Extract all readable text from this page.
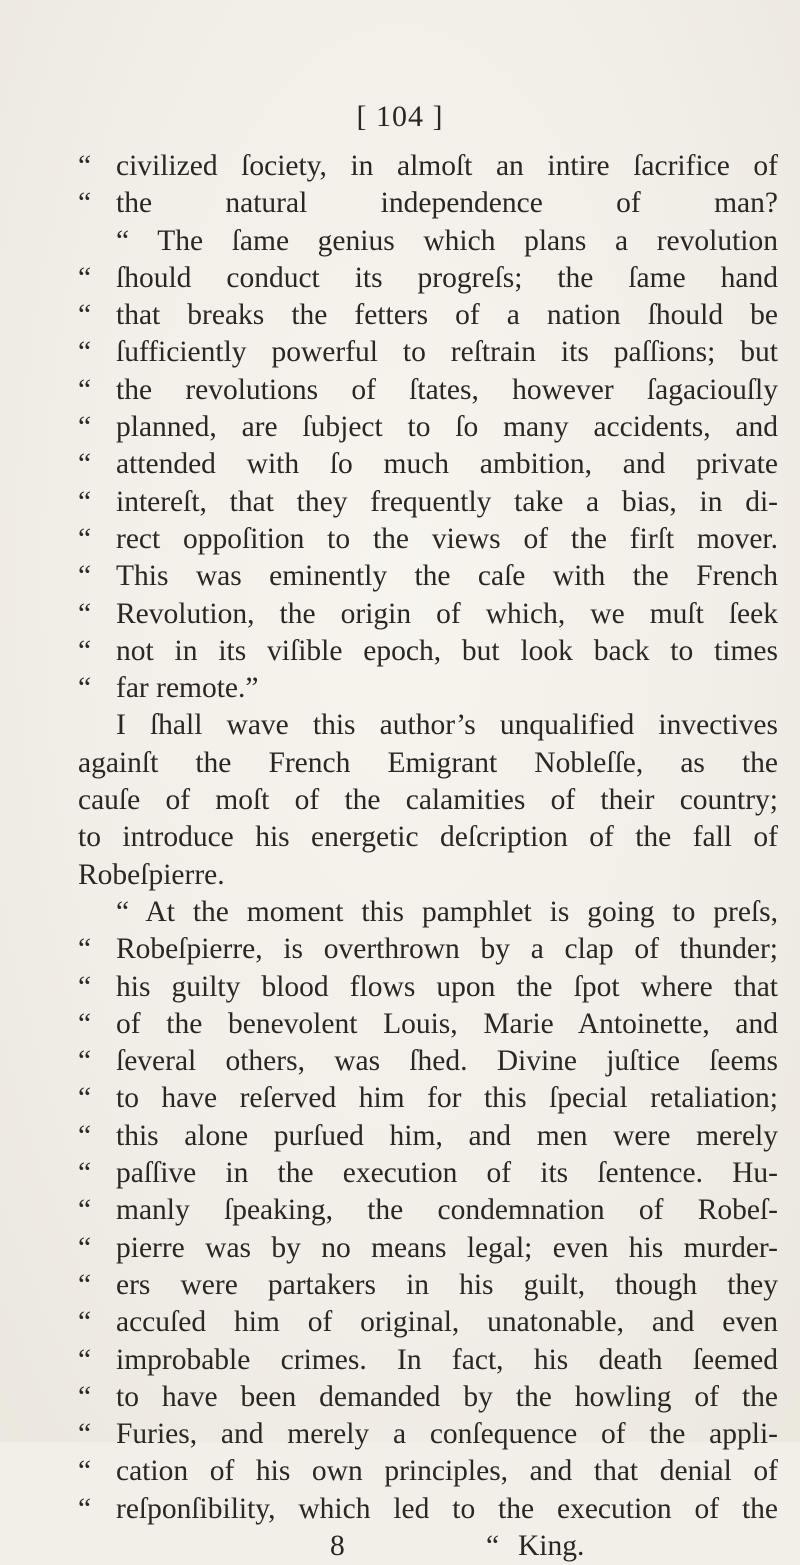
[ 104 ]
“ civilized ſociety, in almoſt an intire ſacrifice of
“ the natural independence of man?
“ The ſame genius which plans a revolution
“ ſhould conduct its progreſs; the ſame hand
“ that breaks the fetters of a nation ſhould be
“ ſufficiently powerful to reſtrain its paſſions; but
“ the revolutions of ſtates, however ſagaciouſly
“ planned, are ſubject to ſo many accidents, and
“ attended with ſo much ambition, and private
“ intereſt, that they frequently take a bias, in di-
“ rect oppoſition to the views of the firſt mover.
“ This was eminently the caſe with the French
“ Revolution, the origin of which, we muſt ſeek
“ not in its viſible epoch, but look back to times
“ far remote.”
I ſhall wave this author’s unqualified invectives
againſt the French Emigrant Nobleſſe, as the
cauſe of moſt of the calamities of their country;
to introduce his energetic deſcription of the fall of
Robeſpierre.
“ At the moment this pamphlet is going to preſs,
“ Robeſpierre, is overthrown by a clap of thunder;
“ his guilty blood flows upon the ſpot where that
“ of the benevolent Louis, Marie Antoinette, and
“ ſeveral others, was ſhed. Divine juſtice ſeems
“ to have reſerved him for this ſpecial retaliation;
“ this alone purſued him, and men were merely
“ paſſive in the execution of its ſentence. Hu-
“ manly ſpeaking, the condemnation of Robeſ-
“ pierre was by no means legal; even his murder-
“ ers were partakers in his guilt, though they
“ accuſed him of original, unatonable, and even
“ improbable crimes. In fact, his death ſeemed
“ to have been demanded by the howling of the
“ Furies, and merely a conſequence of the appli-
“ cation of his own principles, and that denial of
“ reſponſibility, which led to the execution of the
8	“ King.
